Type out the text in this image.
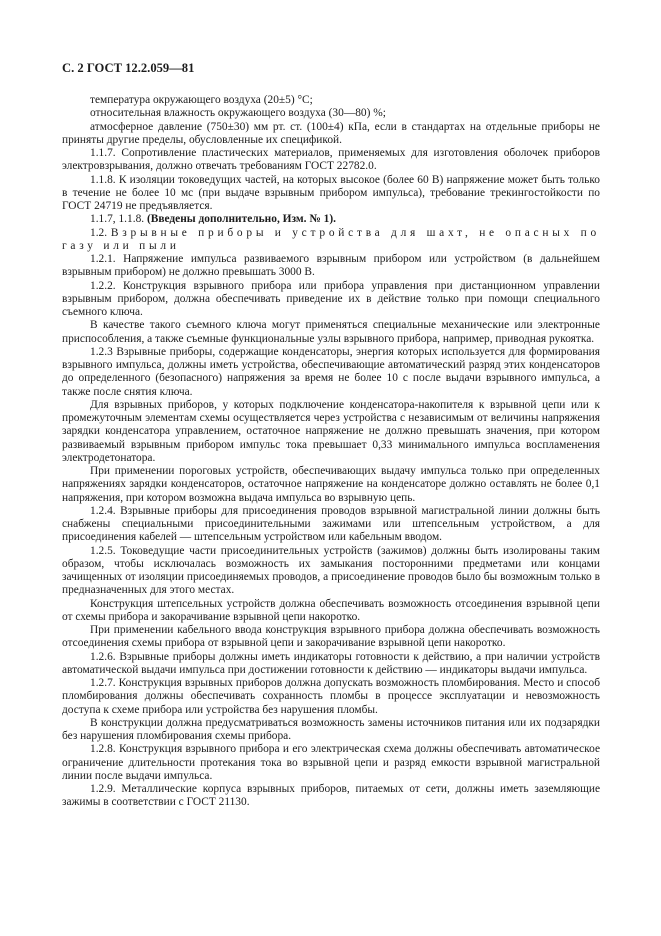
С. 2 ГОСТ 12.2.059—81

температура окружающего воздуха (20±5) °С;

относительная влажность окружающего воздуха (30—80) %;

атмосферное давление (750±30) мм рт. ст. (100±4) кПа, если в стандартах на отдельные приборы не приняты другие пределы, обусловленные их спецификой.

1.1.7. Сопротивление пластических материалов, применяемых для изготовления оболочек приборов электровзрывания, должно отвечать требованиям ГОСТ 22782.0.

1.1.8. К изоляции токоведущих частей, на которых высокое (более 60 В) напряжение может быть только в течение не более 10 мс (при выдаче взрывным прибором импульса), требование трекингостойкости по ГОСТ 24719 не предъявляется.

1.1.7, 1.1.8. (Введены дополнительно, Изм. № 1).

1.2. Взрывные приборы и устройства для шахт, не опасных по газу или пыли

1.2.1. Напряжение импульса развиваемого взрывным прибором или устройством (в дальнейшем взрывным прибором) не должно превышать 3000 В.

1.2.2. Конструкция взрывного прибора или прибора управления при дистанционном управлении взрывным прибором, должна обеспечивать приведение их в действие только при помощи специального съемного ключа.

В качестве такого съемного ключа могут применяться специальные механические или электронные приспособления, а также съемные функциональные узлы взрывного прибора, например, приводная рукоятка.

1.2.3 Взрывные приборы, содержащие конденсаторы, энергия которых используется для формирования взрывного импульса, должны иметь устройства, обеспечивающие автоматический разряд этих конденсаторов до определенного (безопасного) напряжения за время не более 10 с после выдачи взрывного импульса, а также после снятия ключа.

Для взрывных приборов, у которых подключение конденсатора-накопителя к взрывной цепи или к промежуточным элементам схемы осуществляется через устройства с независимым от величины напряжения зарядки конденсатора управлением, остаточное напряжение не должно превышать значения, при котором развиваемый взрывным прибором импульс тока превышает 0,33 минимального импульса воспламенения электродетонатора.

При применении пороговых устройств, обеспечивающих выдачу импульса только при определенных напряжениях зарядки конденсаторов, остаточное напряжение на конденсаторе должно оставлять не более 0,1 напряжения, при котором возможна выдача импульса во взрывную цепь.

1.2.4. Взрывные приборы для присоединения проводов взрывной магистральной линии должны быть снабжены специальными присоединительными зажимами или штепсельным устройством, а для присоединения кабелей — штепсельным устройством или кабельным вводом.

1.2.5. Токоведущие части присоединительных устройств (зажимов) должны быть изолированы таким образом, чтобы исключалась возможность их замыкания посторонними предметами или концами зачищенных от изоляции присоединяемых проводов, а присоединение проводов было бы возможным только в предназначенных для этого местах.

Конструкция штепсельных устройств должна обеспечивать возможность отсоединения взрывной цепи от схемы прибора и закорачивание взрывной цепи накоротко.

При применении кабельного ввода конструкция взрывного прибора должна обеспечивать возможность отсоединения схемы прибора от взрывной цепи и закорачивание взрывной цепи накоротко.

1.2.6. Взрывные приборы должны иметь индикаторы готовности к действию, а при наличии устройств автоматической выдачи импульса при достижении готовности к действию — индикаторы выдачи импульса.

1.2.7. Конструкция взрывных приборов должна допускать возможность пломбирования. Место и способ пломбирования должны обеспечивать сохранность пломбы в процессе эксплуатации и невозможность доступа к схеме прибора или устройства без нарушения пломбы.

В конструкции должна предусматриваться возможность замены источников питания или их подзарядки без нарушения пломбирования схемы прибора.

1.2.8. Конструкция взрывного прибора и его электрическая схема должны обеспечивать автоматическое ограничение длительности протекания тока во взрывной цепи и разряд емкости взрывной магистральной линии после выдачи импульса.

1.2.9. Металлические корпуса взрывных приборов, питаемых от сети, должны иметь заземляющие зажимы в соответствии с ГОСТ 21130.
